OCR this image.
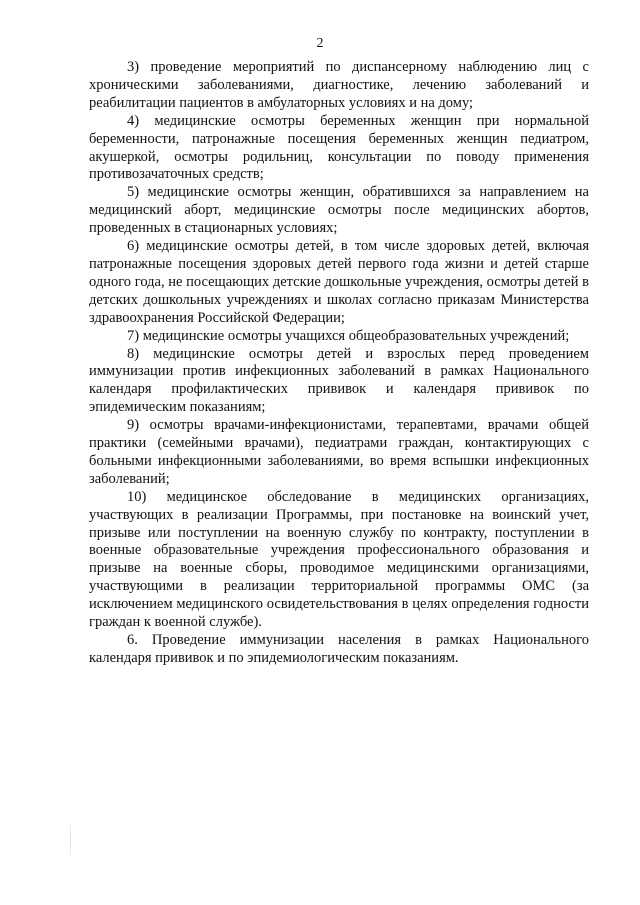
2

3) проведение мероприятий по диспансерному наблюдению лиц с хроническими заболеваниями, диагностике, лечению заболеваний и реабилитации пациентов в амбулаторных условиях и на дому;

4) медицинские осмотры беременных женщин при нормальной беременности, патронажные посещения беременных женщин педиатром, акушеркой, осмотры родильниц, консультации по поводу применения противозачаточных средств;

5) медицинские осмотры женщин, обратившихся за направлением на медицинский аборт, медицинские осмотры после медицинских абортов, проведенных в стационарных условиях;

6) медицинские осмотры детей, в том числе здоровых детей, включая патронажные посещения здоровых детей первого года жизни и детей старше одного года, не посещающих детские дошкольные учреждения, осмотры детей в детских дошкольных учреждениях и школах согласно приказам Министерства здравоохранения Российской Федерации;

7) медицинские осмотры учащихся общеобразовательных учреждений;

8) медицинские осмотры детей и взрослых перед проведением иммунизации против инфекционных заболеваний в рамках Национального календаря профилактических прививок и календаря прививок по эпидемическим показаниям;

9) осмотры врачами-инфекционистами, терапевтами, врачами общей практики (семейными врачами), педиатрами граждан, контактирующих с больными инфекционными заболеваниями, во время вспышки инфекционных заболеваний;

10) медицинское обследование в медицинских организациях, участвующих в реализации Программы, при постановке на воинский учет, призыве или поступлении на военную службу по контракту, поступлении в военные образовательные учреждения профессионального образования и призыве на военные сборы, проводимое медицинскими организациями, участвующими в реализации территориальной программы ОМС (за исключением медицинского освидетельствования в целях определения годности граждан к военной службе).

6. Проведение иммунизации населения в рамках Национального календаря прививок и по эпидемиологическим показаниям.
